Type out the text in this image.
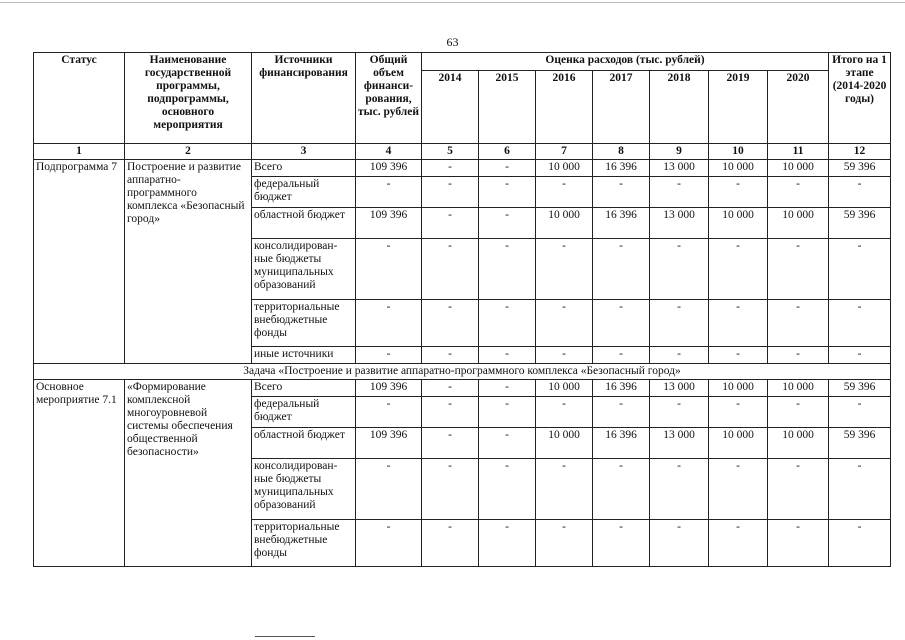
63
Статус	Наименование государственной программы, подпрограммы, основного мероприятия	Источники финансирования	Общий объем финанси-рования, тыс. рублей	Оценка расходов (тыс. рублей)							Итого на 1 этапе (2014-2020 годы)
				2014	2015	2016	2017	2018	2019	2020	
1	2	3	4	5	6	7	8	9	10	11	12
Подпрограмма 7	Построение и развитие аппаратно-программного комплекса «Безопасный город»	Всего	109 396	-	-	10 000	16 396	13 000	10 000	10 000	59 396
		федеральный бюджет	-	-	-	-	-	-	-	-	-
		областной бюджет	109 396	-	-	10 000	16 396	13 000	10 000	10 000	59 396
		консолидирован-ные бюджеты муниципальных образований	-	-	-	-	-	-	-	-	-
		территориальные внебюджетные фонды	-	-	-	-	-	-	-	-	-
		иные источники	-	-	-	-	-	-	-	-	-
Задача «Построение и развитие аппаратно-программного комплекса «Безопасный город»											
Основное мероприятие 7.1	«Формирование комплексной многоуровневой системы обеспечения общественной безопасности»	Всего	109 396	-	-	10 000	16 396	13 000	10 000	10 000	59 396
		федеральный бюджет	-	-	-	-	-	-	-	-	-
		областной бюджет	109 396	-	-	10 000	16 396	13 000	10 000	10 000	59 396
		консолидирован-ные бюджеты муниципальных образований	-	-	-	-	-	-	-	-	-
		территориальные внебюджетные фонды	-	-	-	-	-	-	-	-	-
